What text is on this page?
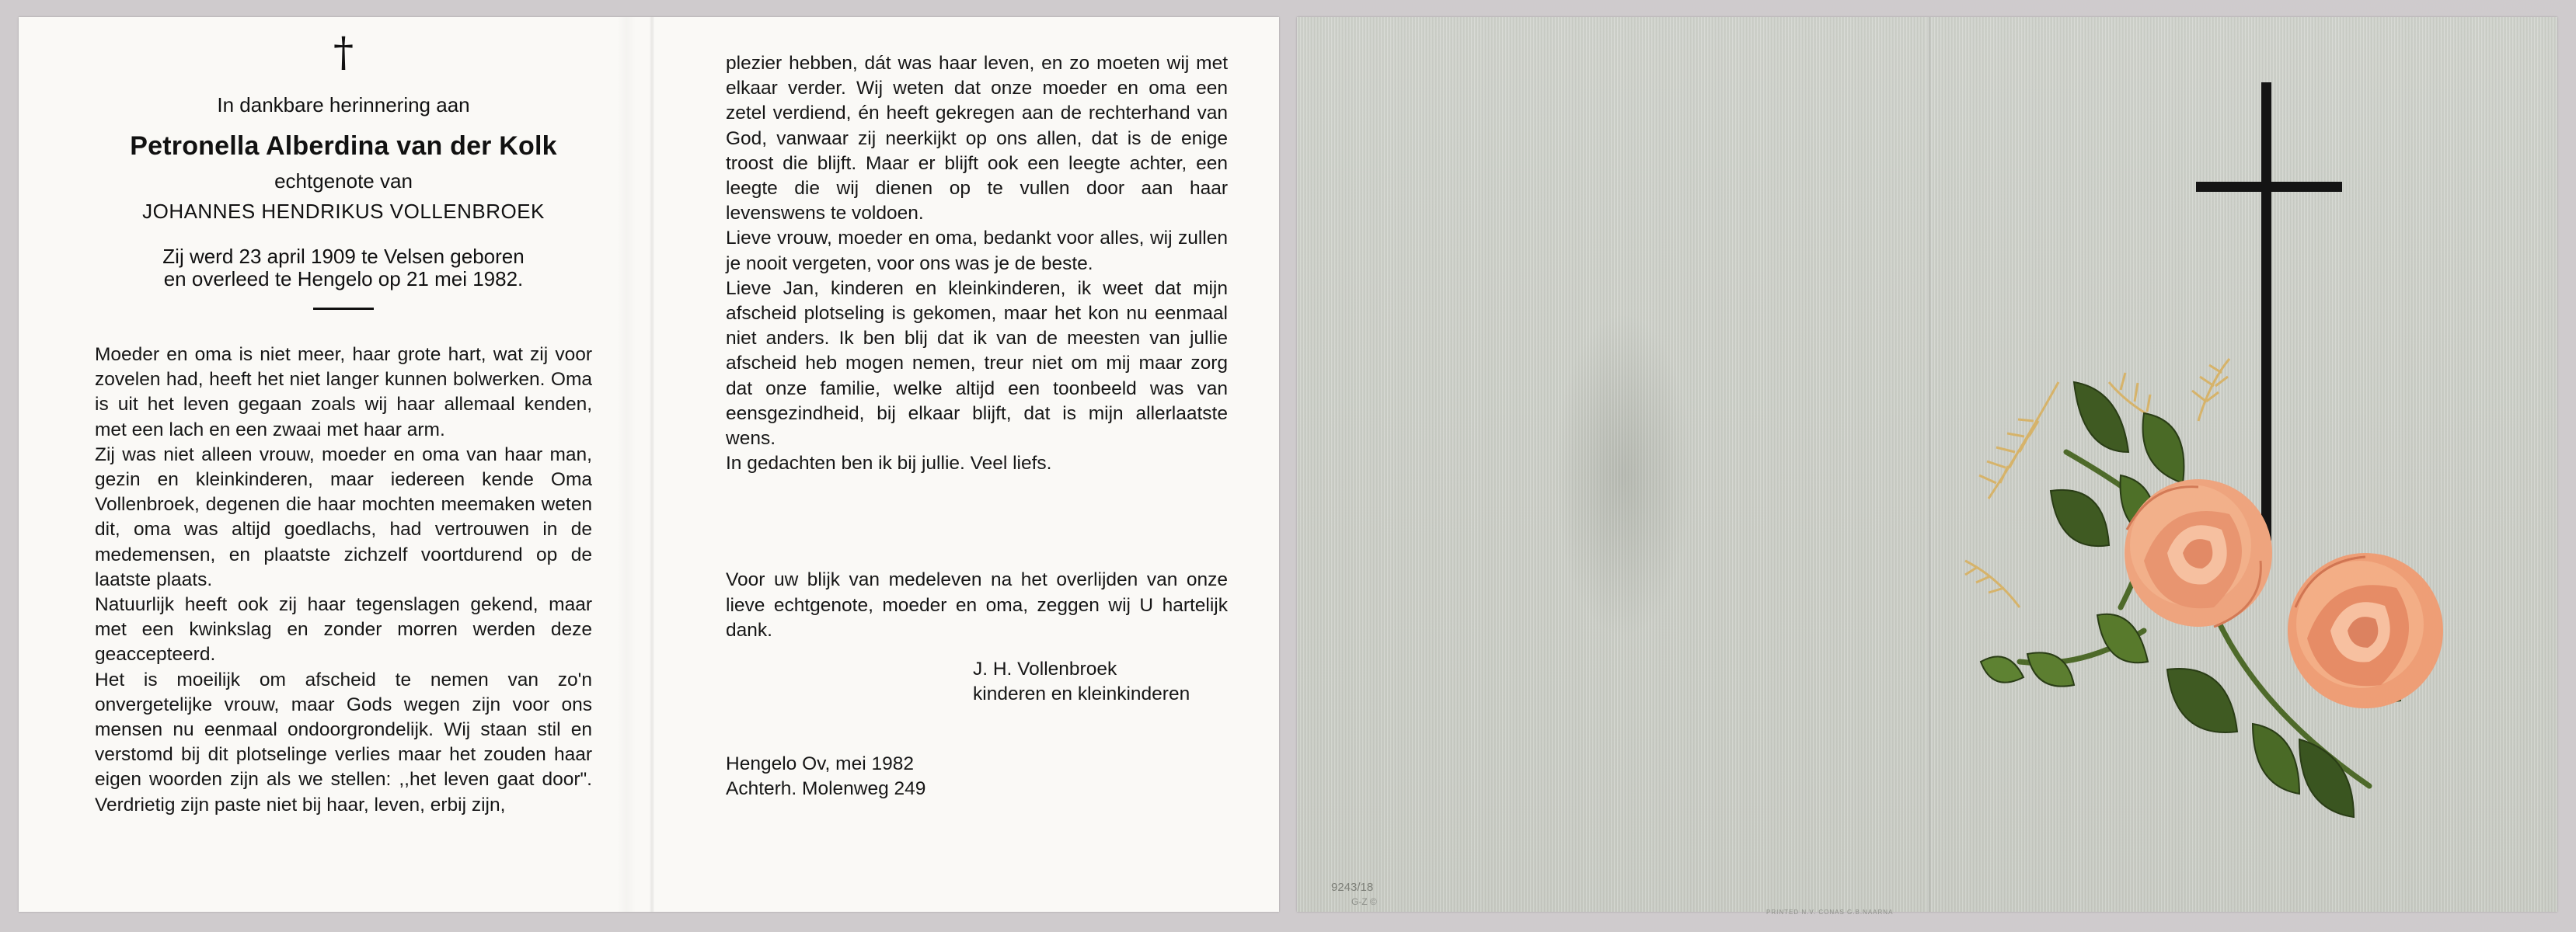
†
In dankbare herinnering aan
Petronella Alberdina van der Kolk
echtgenote van
JOHANNES HENDRIKUS VOLLENBROEK
Zij werd 23 april 1909 te Velsen geboren
en overleed te Hengelo op 21 mei 1982.

Moeder en oma is niet meer, haar grote hart, wat zij voor zovelen had, heeft het niet langer kunnen bolwerken. Oma is uit het leven gegaan zoals wij haar allemaal kenden, met een lach en een zwaai met haar arm.

Zij was niet alleen vrouw, moeder en oma van haar man, gezin en kleinkinderen, maar iedereen kende Oma Vollenbroek, degenen die haar mochten meemaken weten dit, oma was altijd goedlachs, had vertrouwen in de medemensen, en plaatste zichzelf voortdurend op de laatste plaats.

Natuurlijk heeft ook zij haar tegenslagen gekend, maar met een kwinkslag en zonder morren werden deze geaccepteerd.

Het is moeilijk om afscheid te nemen van zo'n onvergetelijke vrouw, maar Gods wegen zijn voor ons mensen nu eenmaal ondoorgrondelijk. Wij staan stil en verstomd bij dit plotselinge verlies maar het zouden haar eigen woorden zijn als we stellen: ,,het leven gaat door". Verdrietig zijn paste niet bij haar, leven, erbij zijn,

plezier hebben, dát was haar leven, en zo moeten wij met elkaar verder. Wij weten dat onze moeder en oma een zetel verdiend, én heeft gekregen aan de rechterhand van God, vanwaar zij neerkijkt op ons allen, dat is de enige troost die blijft. Maar er blijft ook een leegte achter, een leegte die wij dienen op te vullen door aan haar levenswens te voldoen.

Lieve vrouw, moeder en oma, bedankt voor alles, wij zullen je nooit vergeten, voor ons was je de beste.

Lieve Jan, kinderen en kleinkinderen, ik weet dat mijn afscheid plotseling is gekomen, maar het kon nu eenmaal niet anders. Ik ben blij dat ik van de meesten van jullie afscheid heb mogen nemen, treur niet om mij maar zorg dat onze familie, welke altijd een toonbeeld was van eensgezindheid, bij elkaar blijft, dat is mijn allerlaatste wens.

In gedachten ben ik bij jullie. Veel liefs.

Voor uw blijk van medeleven na het overlijden van onze lieve echtgenote, moeder en oma, zeggen wij U hartelijk dank.

J. H. Vollenbroek
kinderen en kleinkinderen
Hengelo Ov, mei 1982
Achterh. Molenweg 249
9243/18
G-Z ©
PRINTED N.V. CONAS G.B.NAARNA
